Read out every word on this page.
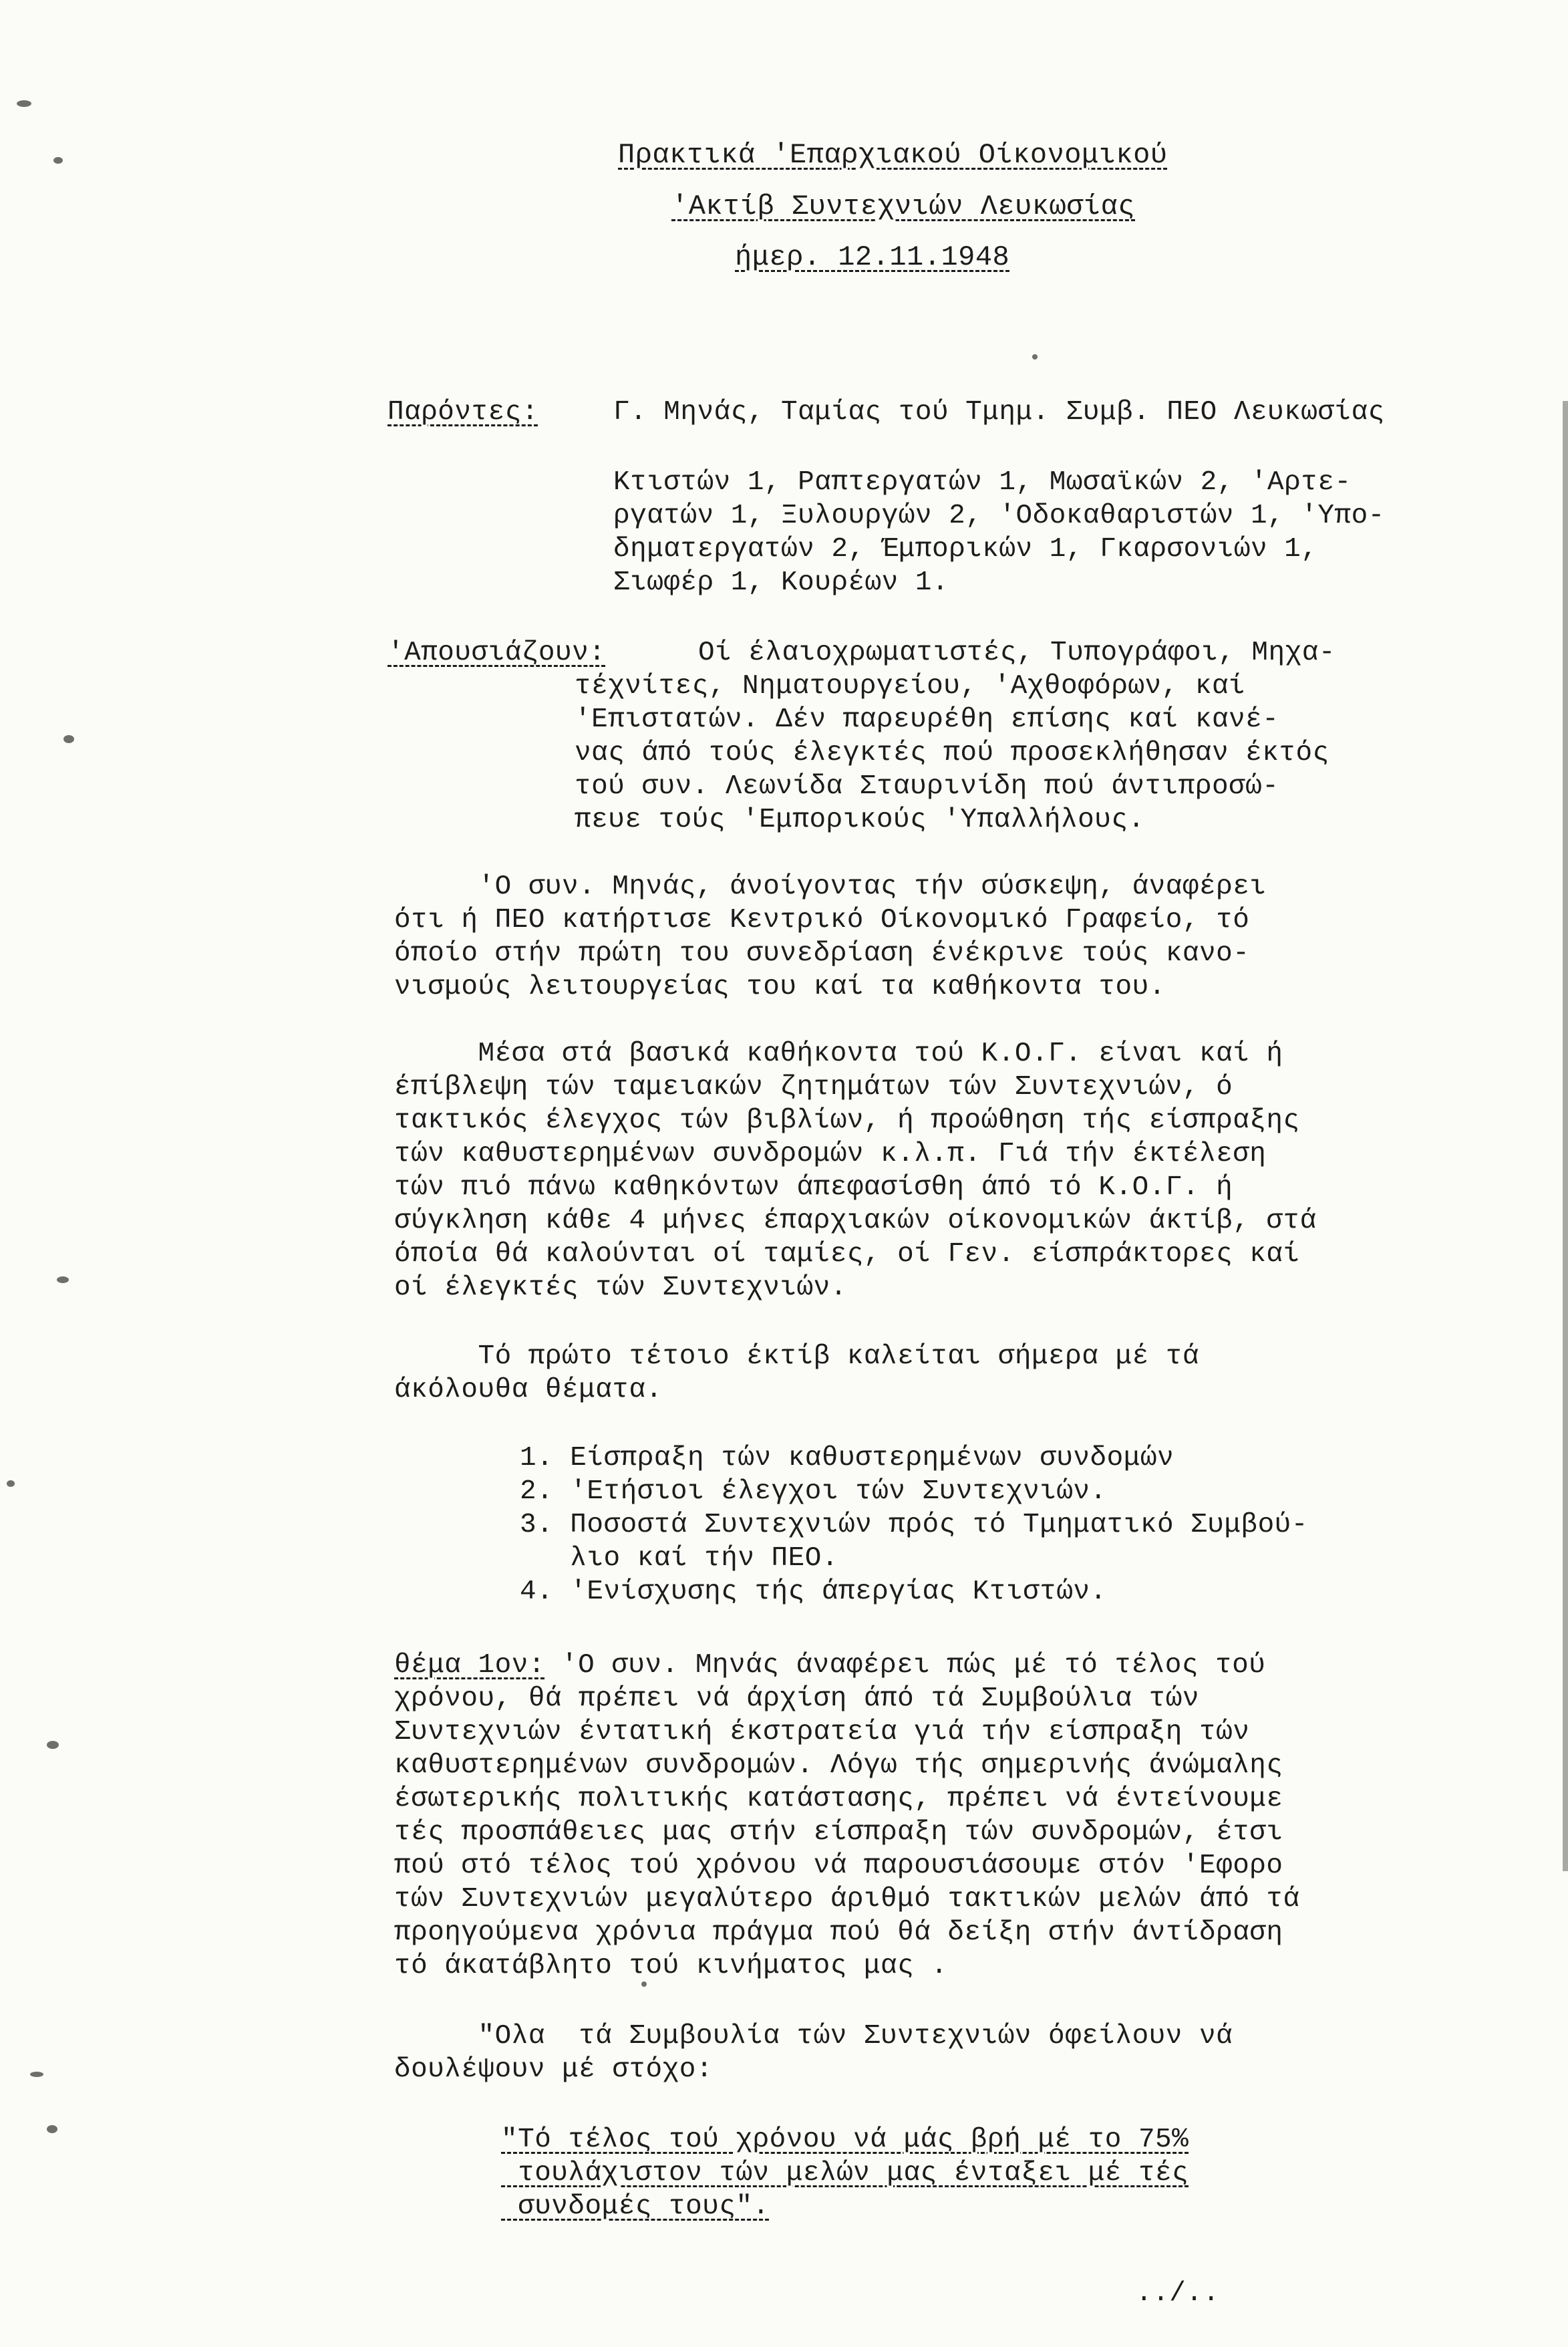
Πρακτικά 'Επαρχιακού Οίκονομικού
'Ακτίβ Συντεχνιών Λευκωσίας
ήμερ. 12.11.1948
Παρόντες:	Γ. Μηνάς, Ταμίας τού Τμημ. Συμβ. ΠΕΟ Λευκωσίας
Κτιστών 1, Ραπτεργατών 1, Μωσαϊκών 2, 'Αρτε-
ργατών 1, Ξυλουργών 2, 'Οδοκαθαριστών 1, 'Υπο-
δηματεργατών 2, Έμπορικών 1, Γκαρσονιών 1,
Σιωφέρ 1, Κουρέων 1.
'Απουσιάζουν:	Οί έλαιοχρωματιστές, Τυπογράφοι, Μηχα-
τέχνίτες, Νηματουργείου, 'Αχθοφόρων, καί
'Επιστατών. Δέν παρευρέθη επίσης καί κανέ-
νας άπό τούς έλεγκτές πού προσεκλήθησαν έκτός
τού συν. Λεωνίδα Σταυρινίδη πού άντιπροσώ-
πευε τούς 'Εμπορικούς 'Υπαλλήλους.
'Ο συν. Μηνάς, άνοίγοντας τήν σύσκεψη, άναφέρει
ότι ή ΠΕΟ κατήρτισε Κεντρικό Οίκονομικό Γραφείο, τό
όποίο στήν πρώτη του συνεδρίαση ένέκρινε τούς κανο-
νισμούς λειτουργείας του καί τα καθήκοντα του.
Μέσα στά βασικά καθήκοντα τού Κ.Ο.Γ. είναι καί ή
έπίβλεψη τών ταμειακών ζητημάτων τών Συντεχνιών, ό
τακτικός έλεγχος τών βιβλίων, ή προώθηση τής είσπραξης
τών καθυστερημένων συνδρομών κ.λ.π. Γιά τήν έκτέλεση
τών πιό πάνω καθηκόντων άπεφασίσθη άπό τό Κ.Ο.Γ. ή
σύγκληση κάθε 4 μήνες έπαρχιακών οίκονομικών άκτίβ, στά
όποία θά καλούνται οί ταμίες, οί Γεν. είσπράκτορες καί
οί έλεγκτές τών Συντεχνιών.
Τό πρώτο τέτοιο έκτίβ καλείται σήμερα μέ τά
άκόλουθα θέματα.
1. Είσπραξη τών καθυστερημένων συνδομών
2. 'Ετήσιοι έλεγχοι τών Συντεχνιών.
3. Ποσοστά Συντεχνιών πρός τό Τμηματικό Συμβού-
λιο καί τήν ΠΕΟ.
4. 'Ενίσχυσης τής άπεργίας Κτιστών.
θέμα 1ον: 'Ο συν. Μηνάς άναφέρει πώς μέ τό τέλος τού
χρόνου, θά πρέπει νά άρχίση άπό τά Συμβούλια τών
Συντεχνιών έντατική έκστρατεία γιά τήν είσπραξη τών
καθυστερημένων συνδρομών. Λόγω τής σημερινής άνώμαλης
έσωτερικής πολιτικής κατάστασης, πρέπει νά έντείνουμε
τές προσπάθειες μας στήν είσπραξη τών συνδρομών, έτσι
πού στό τέλος τού χρόνου νά παρουσιάσουμε στόν 'Εφορο
τών Συντεχνιών μεγαλύτερο άριθμό τακτικών μελών άπό τά
προηγούμενα χρόνια πράγμα πού θά δείξη στήν άντίδραση
τό άκατάβλητο τού κινήματος μας .
"Ολα  τά Συμβουλία τών Συντεχνιών όφείλουν νά
δουλέψουν μέ στόχο:
"Τό τέλος τού χρόνου νά μάς βρή μέ το 75%
τουλάχιστον τών μελών μας ένταξει μέ τές
συνδομές τους".
../..
